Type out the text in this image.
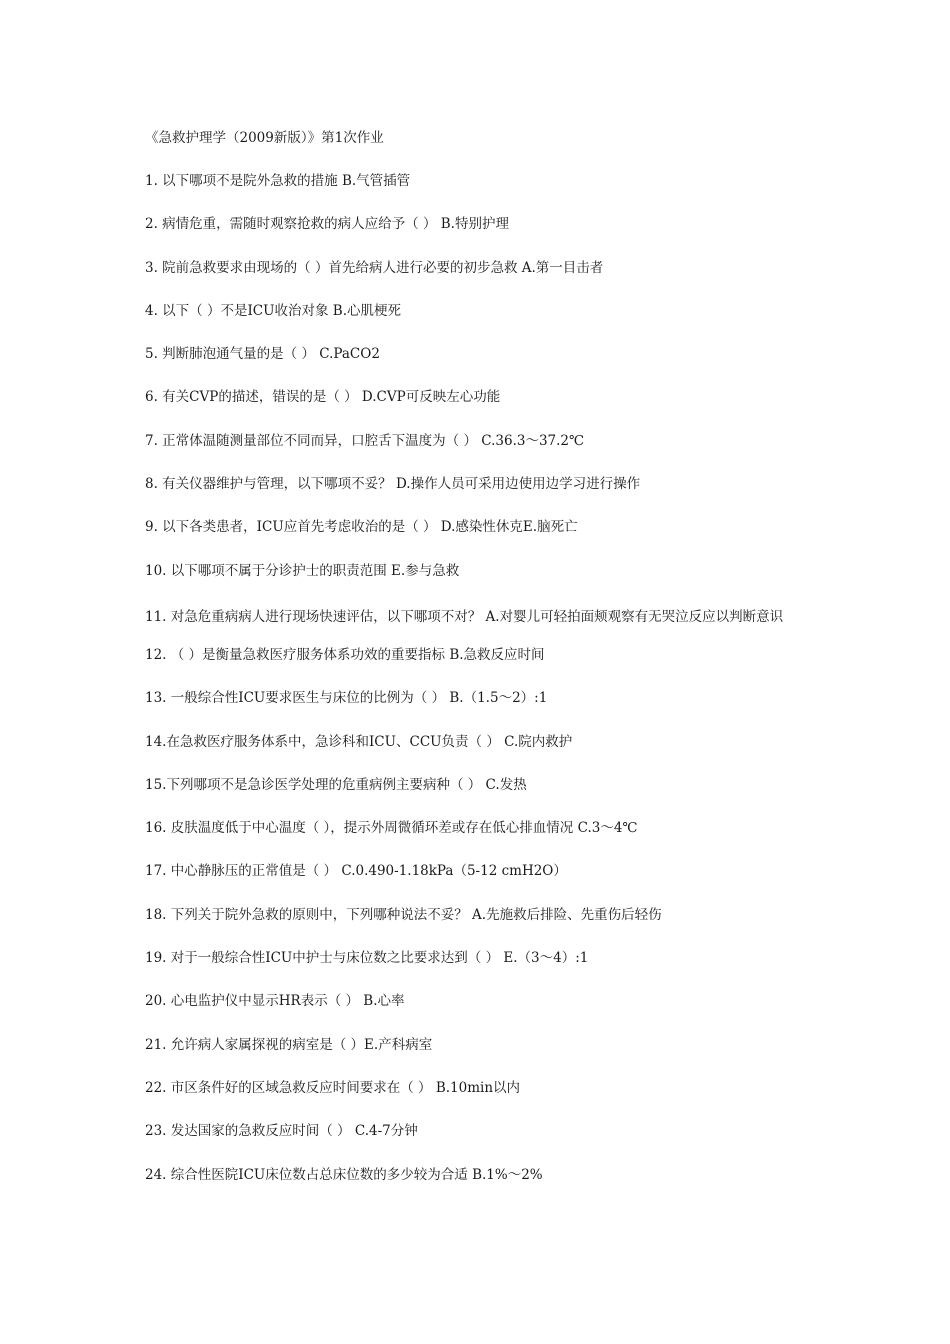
《急救护理学（2009新版）》第1次作业
1. 以下哪项不是院外急救的措施 B.气管插管
2. 病情危重，需随时观察抢救的病人应给予（ ） B.特别护理
3. 院前急救要求由现场的（ ）首先给病人进行必要的初步急救 A.第一目击者
4. 以下（ ）不是ICU收治对象 B.心肌梗死
5. 判断肺泡通气量的是（ ） C.PaCO2
6. 有关CVP的描述，错误的是（ ） D.CVP可反映左心功能
7. 正常体温随测量部位不同而异，口腔舌下温度为（ ） C.36.3～37.2℃
8. 有关仪器维护与管理，以下哪项不妥？ D.操作人员可采用边使用边学习进行操作
9. 以下各类患者，ICU应首先考虑收治的是（ ） D.感染性休克E.脑死亡
10. 以下哪项不属于分诊护士的职责范围 E.参与急救
11. 对急危重病病人进行现场快速评估，以下哪项不对？ A.对婴儿可轻拍面颊观察有无哭泣反应以判断意识
12. （ ）是衡量急救医疗服务体系功效的重要指标 B.急救反应时间
13. 一般综合性ICU要求医生与床位的比例为（ ） B.（1.5～2）:1
14.在急救医疗服务体系中，急诊科和ICU、CCU负责（ ） C.院内救护
15.下列哪项不是急诊医学处理的危重病例主要病种（ ） C.发热
16. 皮肤温度低于中心温度（ ），提示外周微循环差或存在低心排血情况 C.3～4℃
17. 中心静脉压的正常值是（ ） C.0.490-1.18kPa（5-12 cmH2O）
18. 下列关于院外急救的原则中，下列哪种说法不妥？ A.先施救后排险、先重伤后轻伤
19. 对于一般综合性ICU中护士与床位数之比要求达到（ ） E.（3～4）:1
20. 心电监护仪中显示HR表示（ ） B.心率
21. 允许病人家属探视的病室是（ ）E.产科病室
22. 市区条件好的区域急救反应时间要求在（ ） B.10min以内
23. 发达国家的急救反应时间（ ） C.4-7分钟
24. 综合性医院ICU床位数占总床位数的多少较为合适 B.1%～2%
